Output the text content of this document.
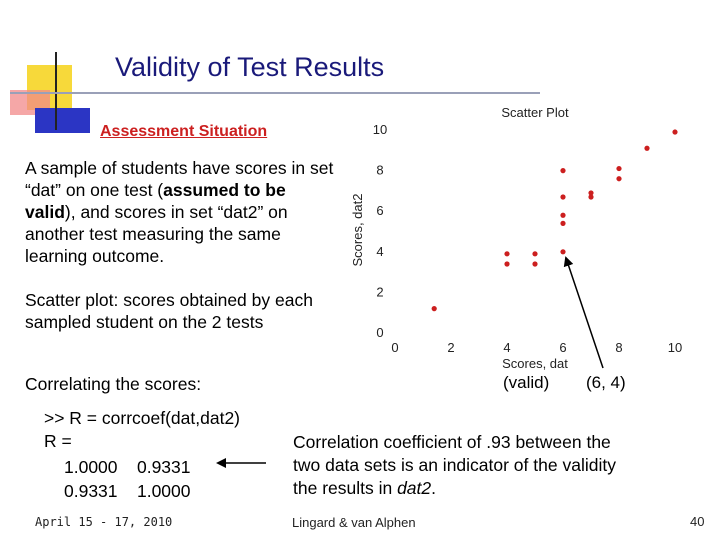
Validity of Test Results
Assessment Situation
A sample of students have scores in set “dat” on one test (assumed to be valid), and scores in set “dat2” on another test measuring the same learning outcome.
Scatter plot: scores obtained by each sampled student on the 2 tests
Correlating the scores:
>> R = corrcoef(dat,dat2)
R =
1.0000    0.9331
0.9331    1.0000
Correlation coefficient of .93 between the two data sets is an indicator of the validity the results in dat2.
(valid) (6, 4)
Scatter Plot
Scores, dat2
Scores, dat
0
2
4
6
8
10
0	2	4	6	8	10
April 15 - 17, 2010	Lingard & van Alphen	40
